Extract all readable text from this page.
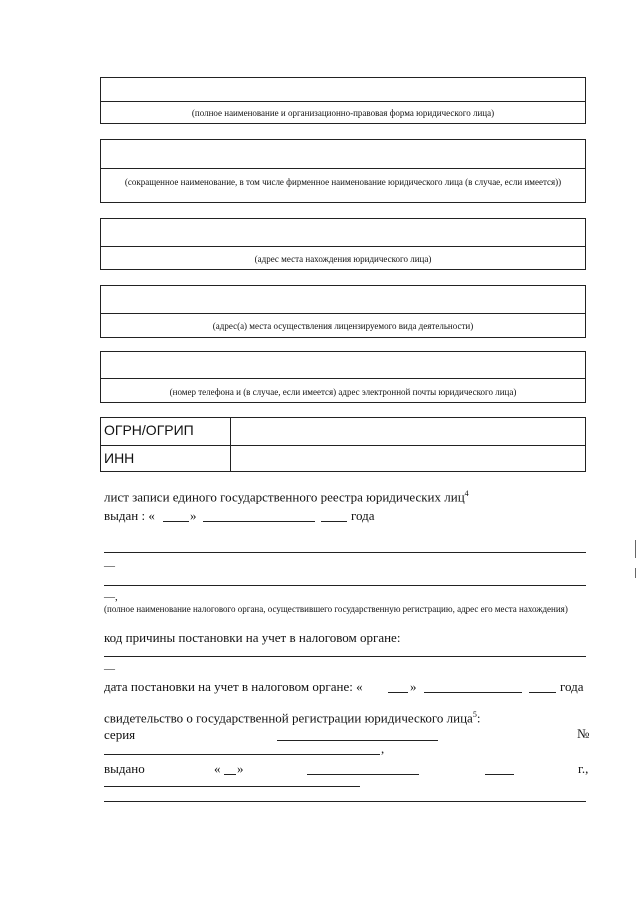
(полное наименование и организационно-правовая форма юридического лица)
(сокращенное наименование, в том числе фирменное наименование юридического лица (в случае, если имеется))
(адрес места нахождения юридического лица)
(адрес(а) места осуществления лицензируемого вида деятельности)
(номер телефона и (в случае, если имеется) адрес электронной почты юридического лица)
ОГРН/ОГРИП
ИНН
лист записи единого государственного реестра юридических лиц$^4$
выдан : «	»	года
—
—,
(полное наименование налогового органа, осуществившего государственную регистрацию, адрес его места нахождения)
код причины постановки на учет в налоговом органе:
—
дата постановки на учет в налоговом органе: «	»	года
свидетельство о государственной регистрации юридического лица$^5$:
серия	№
,
выдано	« »	г.,
